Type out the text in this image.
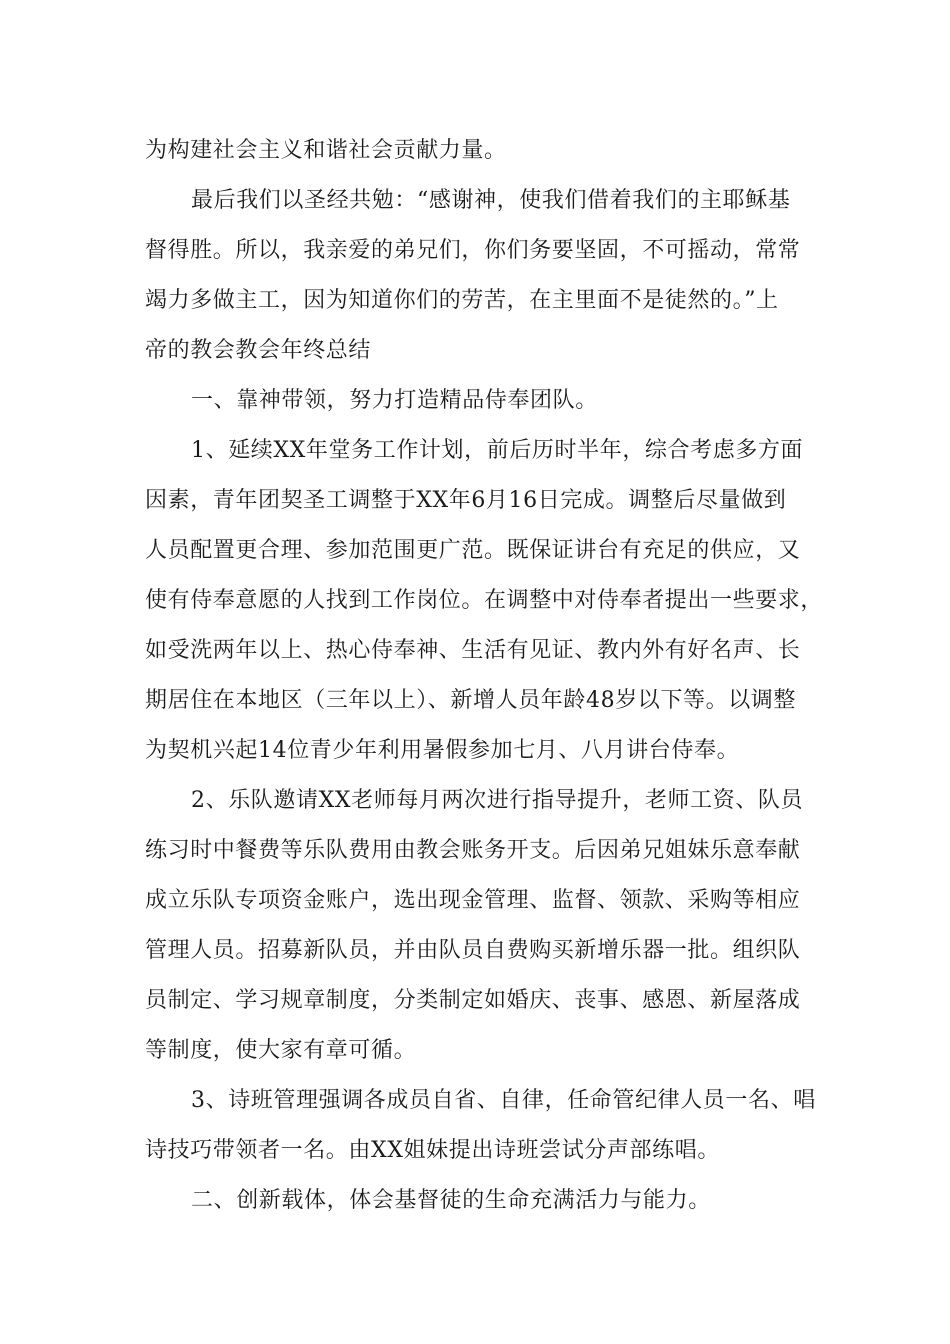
为构建社会主义和谐社会贡献力量。
最后我们以圣经共勉：“感谢神，使我们借着我们的主耶稣基
督得胜。所以，我亲爱的弟兄们，你们务要坚固，不可摇动，常常
竭力多做主工，因为知道你们的劳苦，在主里面不是徒然的。”上
帝的教会教会年终总结
一、靠神带领，努力打造精品侍奉团队。
1、延续XX年堂务工作计划，前后历时半年，综合考虑多方面
因素，青年团契圣工调整于XX年6月16日完成。调整后尽量做到
人员配置更合理、参加范围更广范。既保证讲台有充足的供应，又
使有侍奉意愿的人找到工作岗位。在调整中对侍奉者提出一些要求，
如受洗两年以上、热心侍奉神、生活有见证、教内外有好名声、长
期居住在本地区（三年以上）、新增人员年龄48岁以下等。以调整
为契机兴起14位青少年利用暑假参加七月、八月讲台侍奉。
2、乐队邀请XX老师每月两次进行指导提升，老师工资、队员
练习时中餐费等乐队费用由教会账务开支。后因弟兄姐妹乐意奉献
成立乐队专项资金账户，选出现金管理、监督、领款、采购等相应
管理人员。招募新队员，并由队员自费购买新增乐器一批。组织队
员制定、学习规章制度，分类制定如婚庆、丧事、感恩、新屋落成
等制度，使大家有章可循。
3、诗班管理强调各成员自省、自律，任命管纪律人员一名、唱
诗技巧带领者一名。由XX姐妹提出诗班尝试分声部练唱。
二、创新载体，体会基督徒的生命充满活力与能力。
